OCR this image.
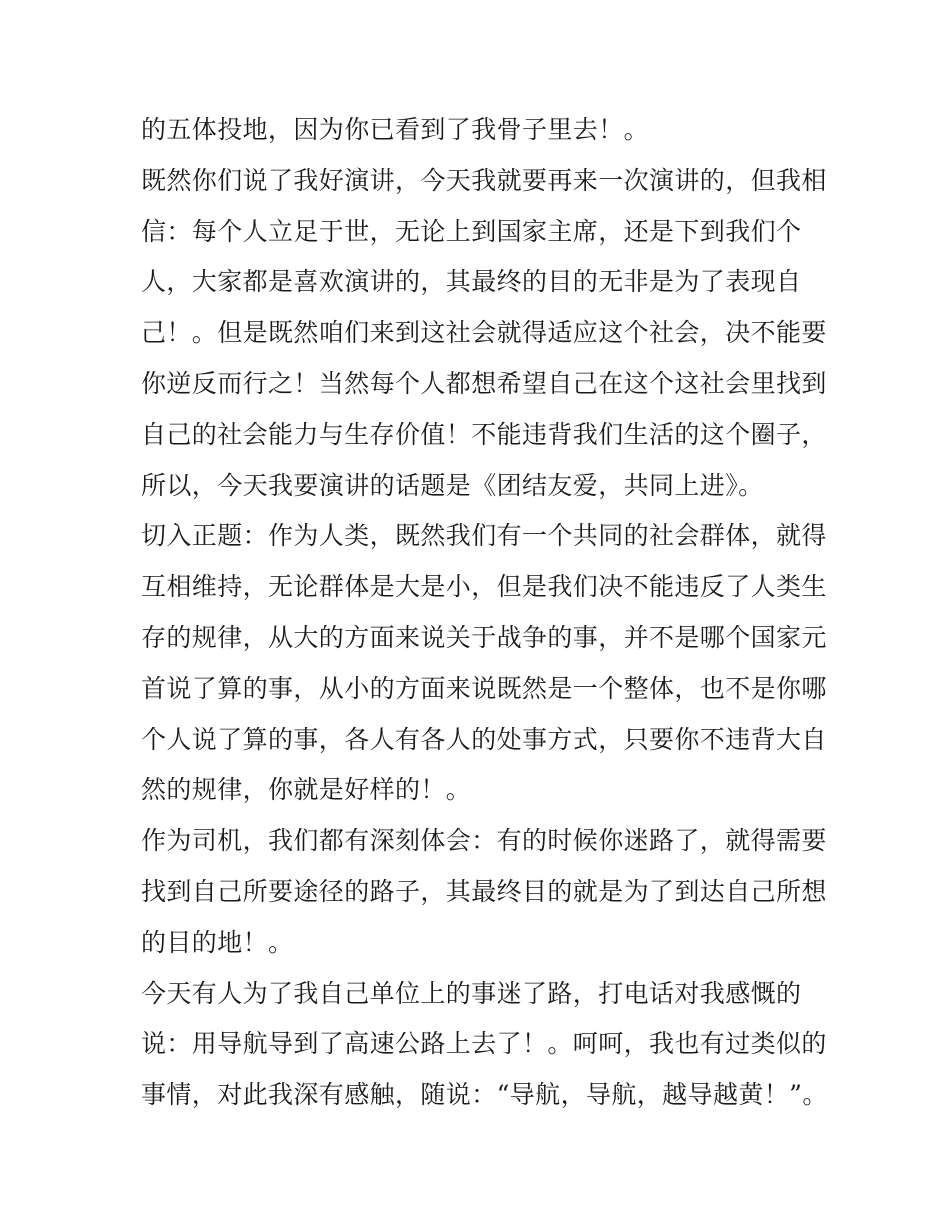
的五体投地，因为你已看到了我骨子里去！。
既然你们说了我好演讲，今天我就要再来一次演讲的，但我相
信：每个人立足于世，无论上到国家主席，还是下到我们个
人，大家都是喜欢演讲的，其最终的目的无非是为了表现自
己！。但是既然咱们来到这社会就得适应这个社会，决不能要
你逆反而行之！当然每个人都想希望自己在这个这社会里找到
自己的社会能力与生存价值！不能违背我们生活的这个圈子，
所以，今天我要演讲的话题是《团结友爱，共同上进》。
切入正题：作为人类，既然我们有一个共同的社会群体，就得
互相维持，无论群体是大是小，但是我们决不能违反了人类生
存的规律，从大的方面来说关于战争的事，并不是哪个国家元
首说了算的事，从小的方面来说既然是一个整体，也不是你哪
个人说了算的事，各人有各人的处事方式，只要你不违背大自
然的规律，你就是好样的！。
作为司机，我们都有深刻体会：有的时候你迷路了，就得需要
找到自己所要途径的路子，其最终目的就是为了到达自己所想
的目的地！。
今天有人为了我自己单位上的事迷了路，打电话对我感慨的
说：用导航导到了高速公路上去了！。呵呵，我也有过类似的
事情，对此我深有感触，随说：“导航，导航，越导越黄！”。
